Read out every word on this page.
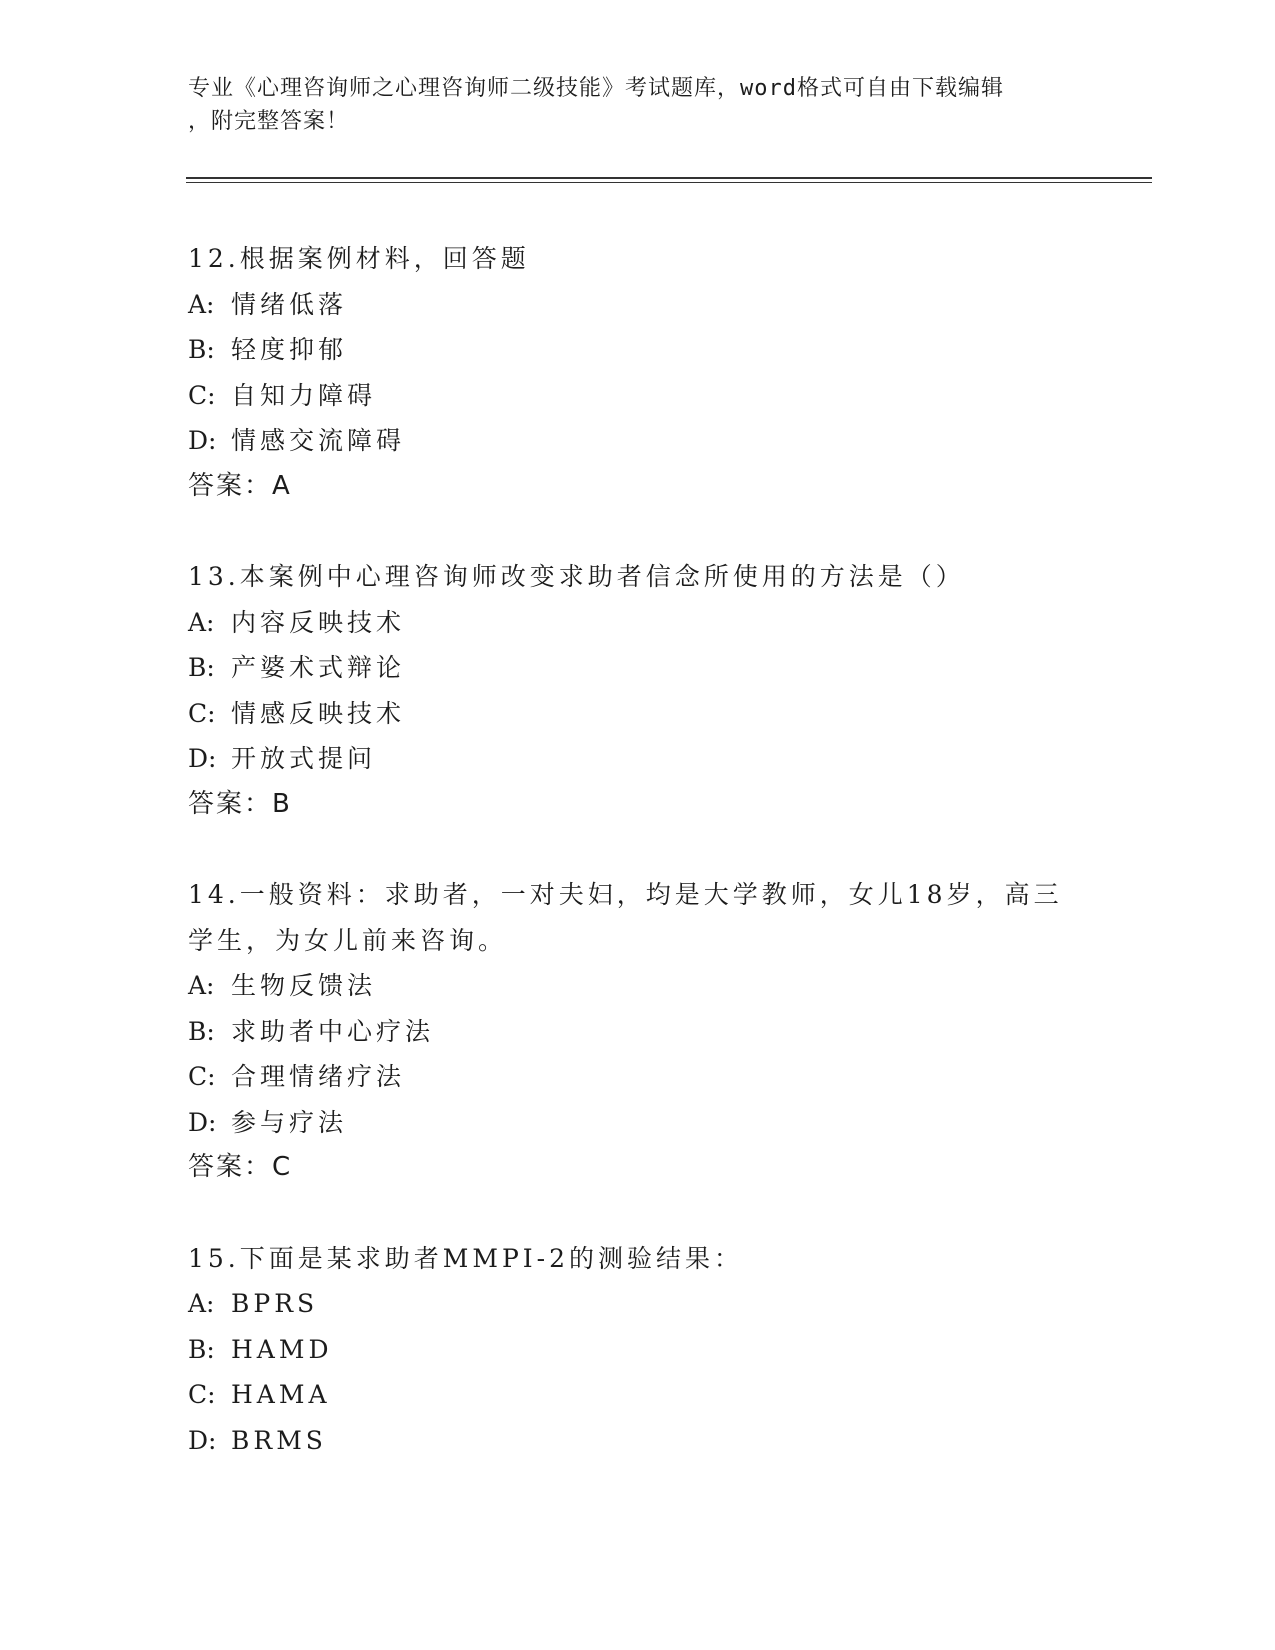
专业《心理咨询师之心理咨询师二级技能》考试题库，word格式可自由下载编辑
，附完整答案！
12.根据案例材料，回答题
A: 情绪低落
B: 轻度抑郁
C: 自知力障碍
D: 情感交流障碍
答案：A
13.本案例中心理咨询师改变求助者信念所使用的方法是（）
A: 内容反映技术
B: 产婆术式辩论
C: 情感反映技术
D: 开放式提问
答案：B
14.一般资料：求助者，一对夫妇，均是大学教师，女儿18岁，高三
学生，为女儿前来咨询。
A: 生物反馈法
B: 求助者中心疗法
C: 合理情绪疗法
D: 参与疗法
答案：C
15.下面是某求助者MMPI-2的测验结果：
A: BPRS
B: HAMD
C: HAMA
D: BRMS
